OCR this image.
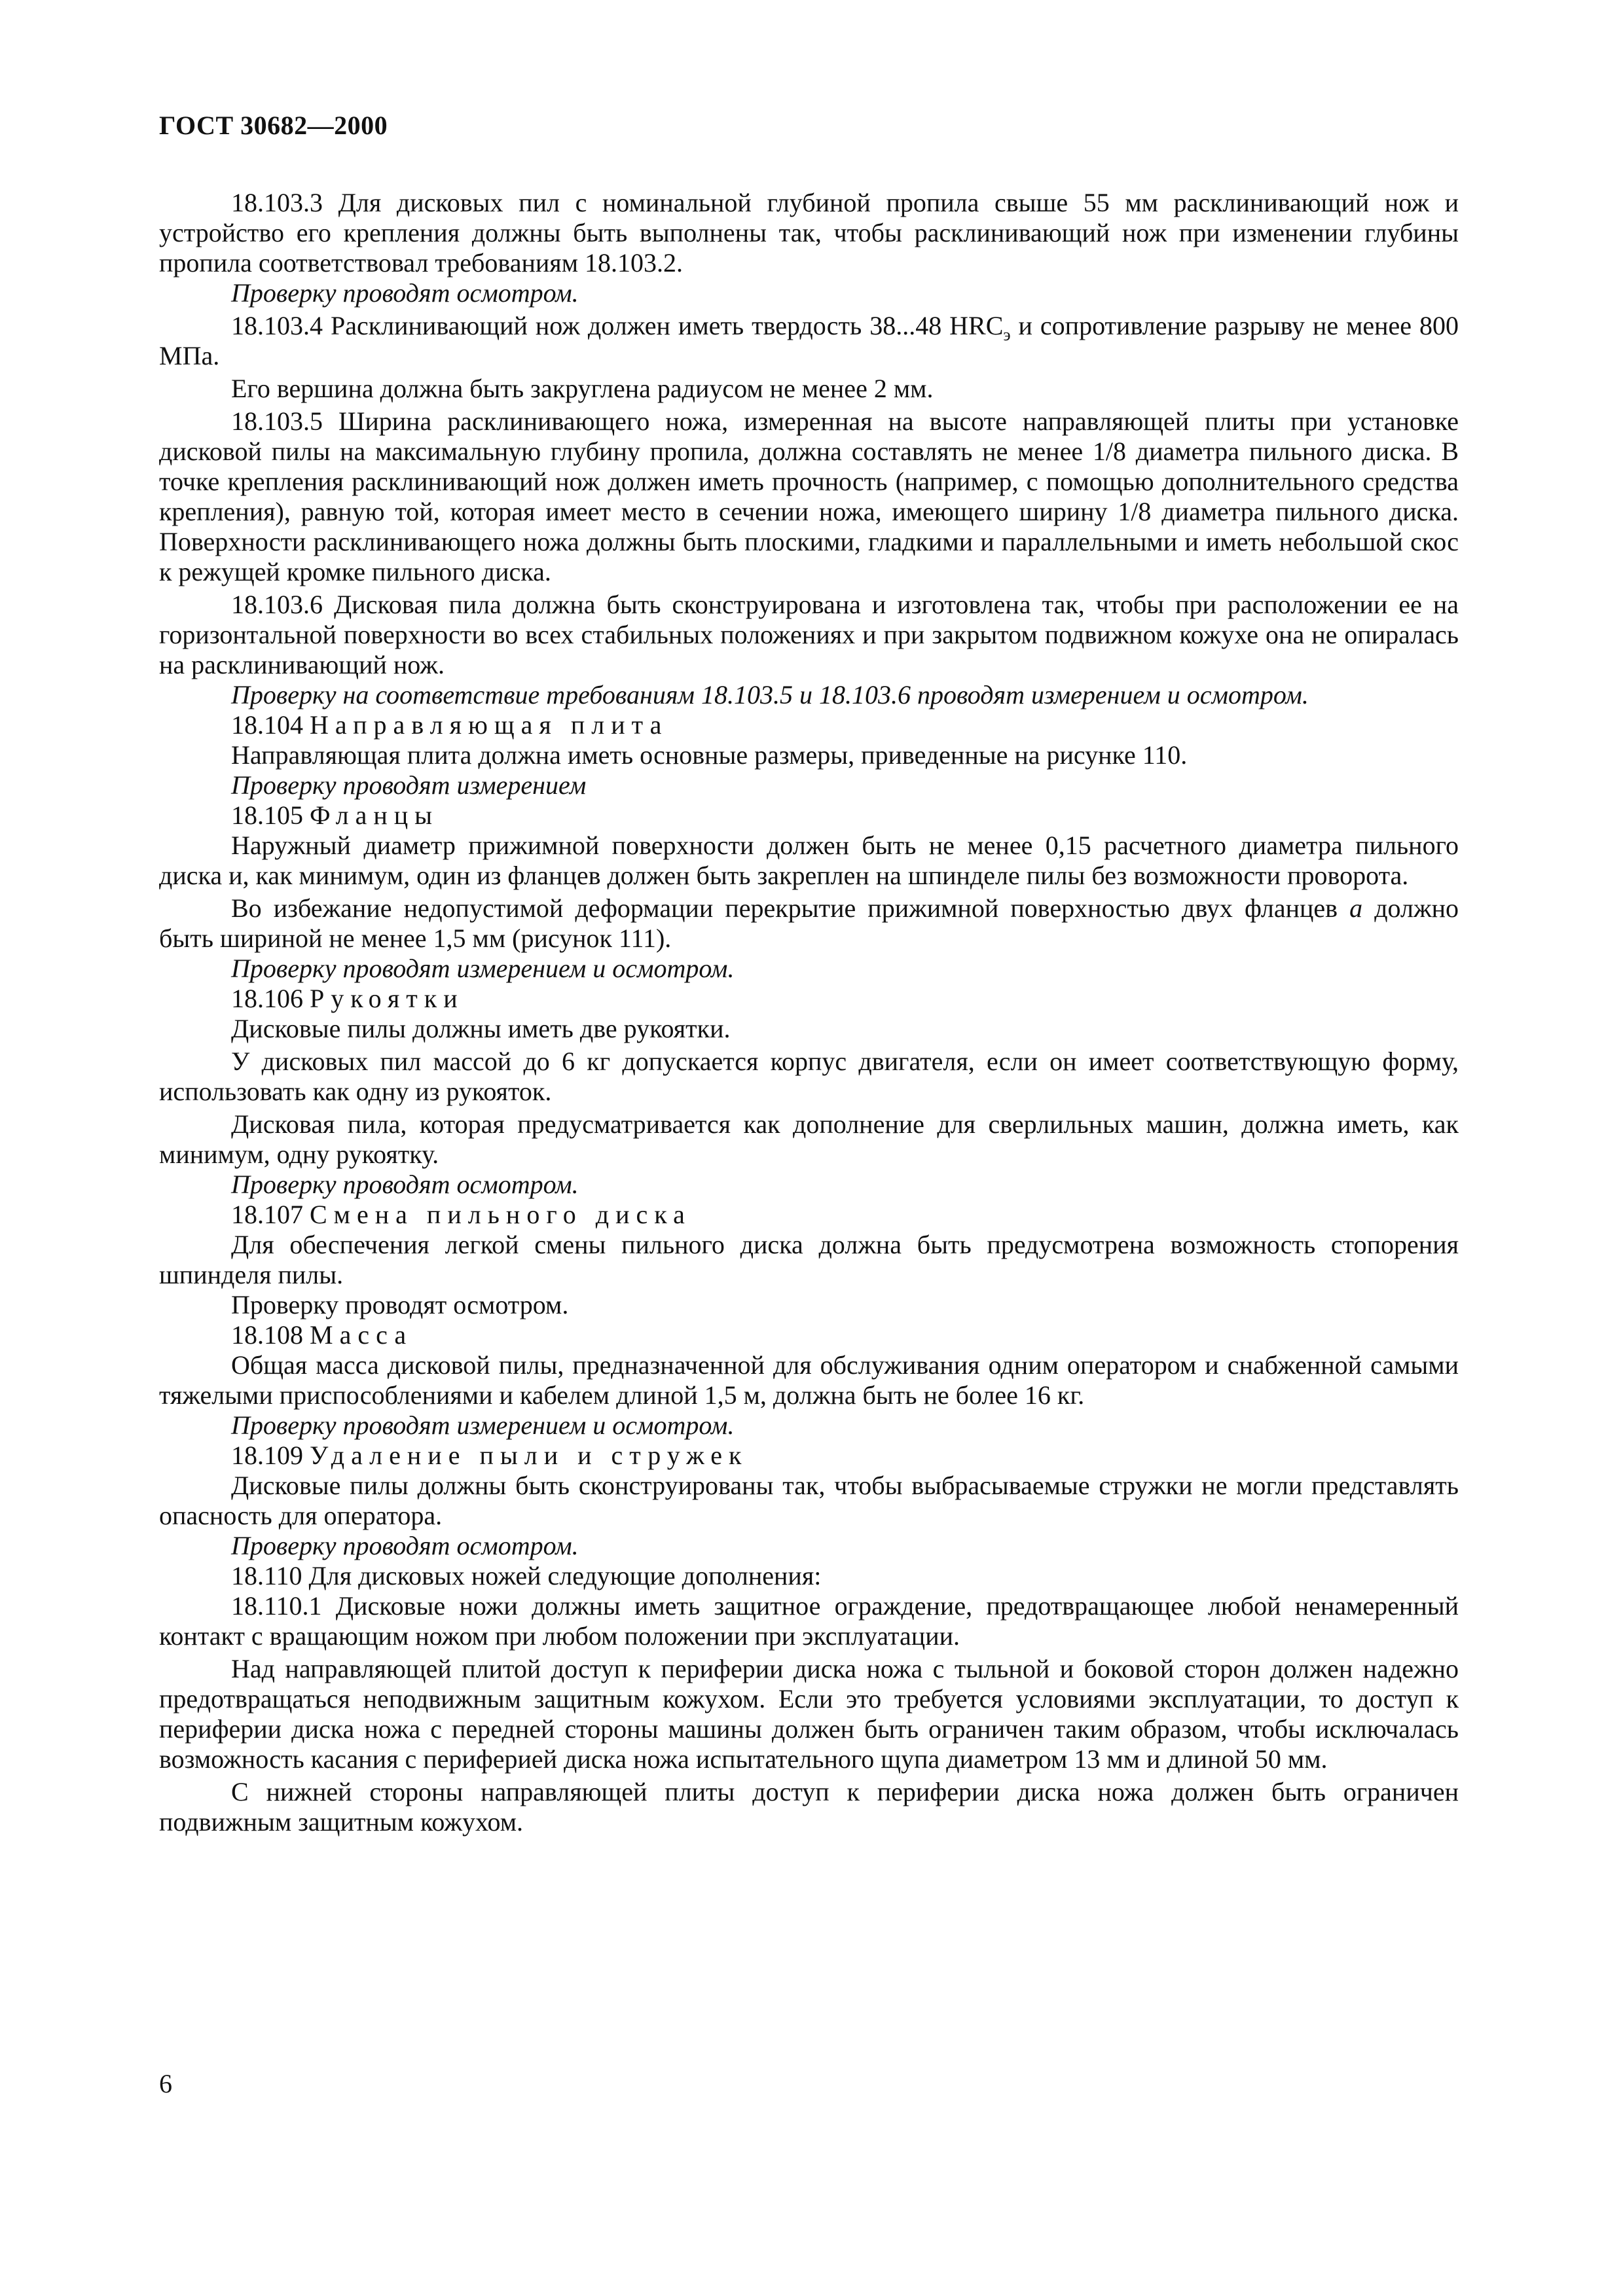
ГОСТ 30682—2000

18.103.3 Для дисковых пил с номинальной глубиной пропила свыше 55 мм расклинивающий нож и устройство его крепления должны быть выполнены так, чтобы расклинивающий нож при изменении глубины пропила соответствовал требованиям 18.103.2.

Проверку проводят осмотром.

18.103.4 Расклинивающий нож должен иметь твердость 38...48 $HRC_э$ и сопротивление разрыву не менее 800 МПа.

Его вершина должна быть закруглена радиусом не менее 2 мм.

18.103.5 Ширина расклинивающего ножа, измеренная на высоте направляющей плиты при установке дисковой пилы на максимальную глубину пропила, должна составлять не менее 1/8 диаметра пильного диска. В точке крепления расклинивающий нож должен иметь прочность (например, с помощью дополнительного средства крепления), равную той, которая имеет место в сечении ножа, имеющего ширину 1/8 диаметра пильного диска. Поверхности расклинивающего ножа должны быть плоскими, гладкими и параллельными и иметь небольшой скос к режущей кромке пильного диска.

18.103.6 Дисковая пила должна быть сконструирована и изготовлена так, чтобы при расположении ее на горизонтальной поверхности во всех стабильных положениях и при закрытом подвижном кожухе она не опиралась на расклинивающий нож.

Проверку на соответствие требованиям 18.103.5 и 18.103.6 проводят измерением и осмотром.

18.104 Направляющая плита

Направляющая плита должна иметь основные размеры, приведенные на рисунке 110.

Проверку проводят измерением

18.105 Фланцы

Наружный диаметр прижимной поверхности должен быть не менее 0,15 расчетного диаметра пильного диска и, как минимум, один из фланцев должен быть закреплен на шпинделе пилы без возможности проворота.

Во избежание недопустимой деформации перекрытие прижимной поверхностью двух фланцев a должно быть шириной не менее 1,5 мм (рисунок 111).

Проверку проводят измерением и осмотром.

18.106 Рукоятки

Дисковые пилы должны иметь две рукоятки.

У дисковых пил массой до 6 кг допускается корпус двигателя, если он имеет соответствующую форму, использовать как одну из рукояток.

Дисковая пила, которая предусматривается как дополнение для сверлильных машин, должна иметь, как минимум, одну рукоятку.

Проверку проводят осмотром.

18.107 Смена пильного диска

Для обеспечения легкой смены пильного диска должна быть предусмотрена возможность стопорения шпинделя пилы.

Проверку проводят осмотром.

18.108 Масса

Общая масса дисковой пилы, предназначенной для обслуживания одним оператором и снабженной самыми тяжелыми приспособлениями и кабелем длиной 1,5 м, должна быть не более 16 кг.

Проверку проводят измерением и осмотром.

18.109 Удаление пыли и стружек

Дисковые пилы должны быть сконструированы так, чтобы выбрасываемые стружки не могли представлять опасность для оператора.

Проверку проводят осмотром.

18.110 Для дисковых ножей следующие дополнения:

18.110.1 Дисковые ножи должны иметь защитное ограждение, предотвращающее любой ненамеренный контакт с вращающим ножом при любом положении при эксплуатации.

Над направляющей плитой доступ к периферии диска ножа с тыльной и боковой сторон должен надежно предотвращаться неподвижным защитным кожухом. Если это требуется условиями эксплуатации, то доступ к периферии диска ножа с передней стороны машины должен быть ограничен таким образом, чтобы исключалась возможность касания с периферией диска ножа испытательного щупа диаметром 13 мм и длиной 50 мм.

С нижней стороны направляющей плиты доступ к периферии диска ножа должен быть ограничен подвижным защитным кожухом.

6
